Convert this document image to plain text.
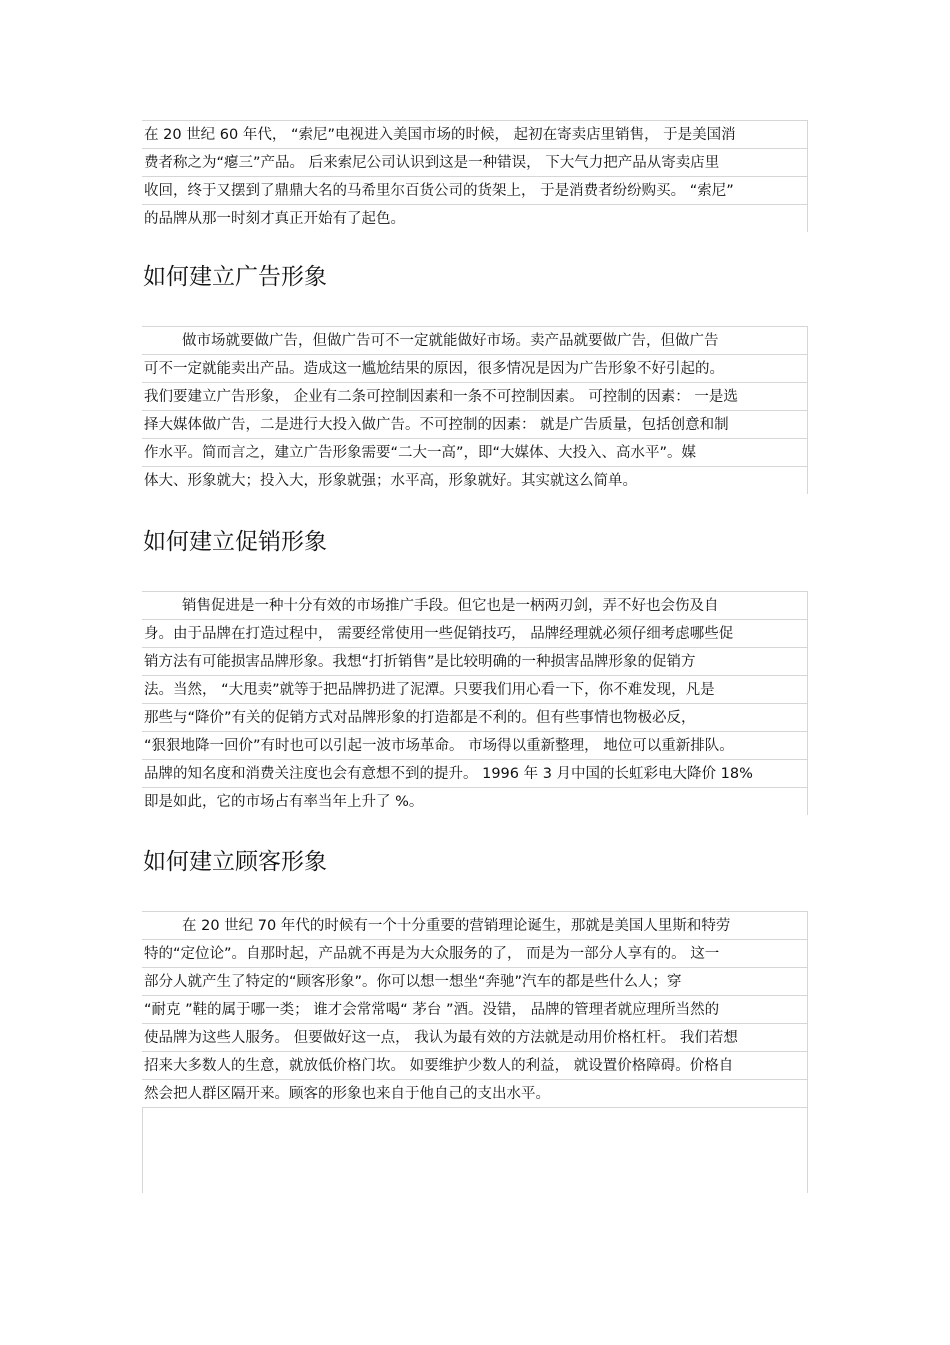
在 20 世纪 60 年代， “索尼”电视进入美国市场的时候， 起初在寄卖店里销售， 于是美国消
费者称之为“瘪三”产品。 后来索尼公司认识到这是一种错误， 下大气力把产品从寄卖店里
收回，终于又摆到了鼎鼎大名的马希里尔百货公司的货架上， 于是消费者纷纷购买。 “索尼”
的品牌从那一时刻才真正开始有了起色。
如何建立广告形象
做市场就要做广告，但做广告可不一定就能做好市场。卖产品就要做广告，但做广告
可不一定就能卖出产品。造成这一尴尬结果的原因，很多情况是因为广告形象不好引起的。
我们要建立广告形象， 企业有二条可控制因素和一条不可控制因素。 可控制的因素： 一是选
择大媒体做广告，二是进行大投入做广告。不可控制的因素： 就是广告质量，包括创意和制
作水平。简而言之，建立广告形象需要“二大一高”，即“大媒体、大投入、高水平”。媒
体大、形象就大；投入大，形象就强；水平高，形象就好。其实就这么简单。
如何建立促销形象
销售促进是一种十分有效的市场推广手段。但它也是一柄两刃剑，弄不好也会伤及自
身。由于品牌在打造过程中， 需要经常使用一些促销技巧， 品牌经理就必须仔细考虑哪些促
销方法有可能损害品牌形象。我想“打折销售”是比较明确的一种损害品牌形象的促销方
法。当然， “大甩卖”就等于把品牌扔进了泥潭。只要我们用心看一下，你不难发现，凡是
那些与“降价”有关的促销方式对品牌形象的打造都是不利的。但有些事情也物极必反，
“狠狠地降一回价”有时也可以引起一波市场革命。 市场得以重新整理， 地位可以重新排队。
品牌的知名度和消费关注度也会有意想不到的提升。 1996 年 3 月中国的长虹彩电大降价 18%
即是如此，它的市场占有率当年上升了 %。
如何建立顾客形象
在 20 世纪 70 年代的时候有一个十分重要的营销理论诞生，那就是美国人里斯和特劳
特的“定位论”。自那时起，产品就不再是为大众服务的了， 而是为一部分人享有的。 这一
部分人就产生了特定的“顾客形象”。你可以想一想坐“奔驰”汽车的都是些什么人；穿
“耐克 ”鞋的属于哪一类； 谁才会常常喝“ 茅台 ”酒。没错， 品牌的管理者就应理所当然的
使品牌为这些人服务。 但要做好这一点， 我认为最有效的方法就是动用价格杠杆。 我们若想
招来大多数人的生意，就放低价格门坎。 如要维护少数人的利益， 就设置价格障碍。价格自
然会把人群区隔开来。顾客的形象也来自于他自己的支出水平。
